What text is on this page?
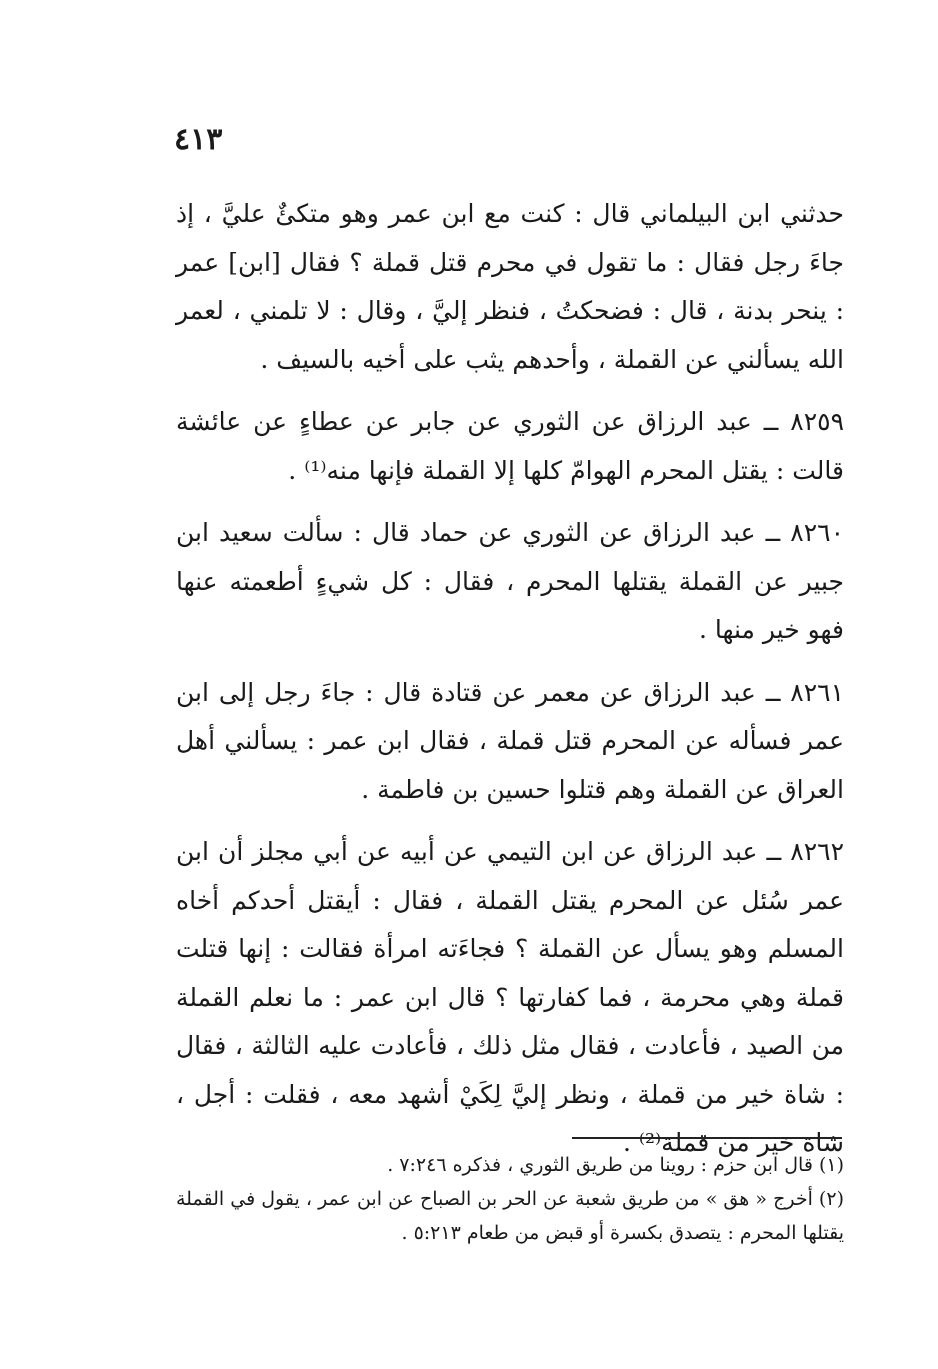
٤١٣

حدثني ابن البيلماني قال : كنت مع ابن عمر وهو متكئٌ عليَّ ، إذ جاءَ رجل فقال : ما تقول في محرم قتل قملة ؟ فقال [ابن] عمر : ينحر بدنة ، قال : فضحكتُ ، فنظر إليَّ ، وقال : لا تلمني ، لعمر الله يسألني عن القملة ، وأحدهم يثب على أخيه بالسيف .

٨٢٥٩ ــ عبد الرزاق عن الثوري عن جابر عن عطاءٍ عن عائشة قالت : يقتل المحرم الهوامّ كلها إلا القملة فإنها منه⁽¹⁾ .

٨٢٦٠ ــ عبد الرزاق عن الثوري عن حماد قال : سألت سعيد ابن جبير عن القملة يقتلها المحرم ، فقال : كل شيءٍ أطعمته عنها فهو خير منها .

٨٢٦١ ــ عبد الرزاق عن معمر عن قتادة قال : جاءَ رجل إلى ابن عمر فسأله عن المحرم قتل قملة ، فقال ابن عمر : يسألني أهل العراق عن القملة وهم قتلوا حسين بن فاطمة .

٨٢٦٢ ــ عبد الرزاق عن ابن التيمي عن أبيه عن أبي مجلز أن ابن عمر سُئل عن المحرم يقتل القملة ، فقال : أيقتل أحدكم أخاه المسلم وهو يسأل عن القملة ؟ فجاءَته امرأة فقالت : إنها قتلت قملة وهي محرمة ، فما كفارتها ؟ قال ابن عمر : ما نعلم القملة من الصيد ، فأعادت ، فقال مثل ذلك ، فأعادت عليه الثالثة ، فقال : شاة خير من قملة ، ونظر إليَّ لِكَيْ أشهد معه ، فقلت : أجل ، شاة خير من قملة⁽²⁾ .

(١) قال ابن حزم : روينا من طريق الثوري ، فذكره ٧:٢٤٦ .

(٢) أخرج « هق » من طريق شعبة عن الحر بن الصباح عن ابن عمر ، يقول في القملة يقتلها المحرم : يتصدق بكسرة أو قبض من طعام ٥:٢١٣ .
